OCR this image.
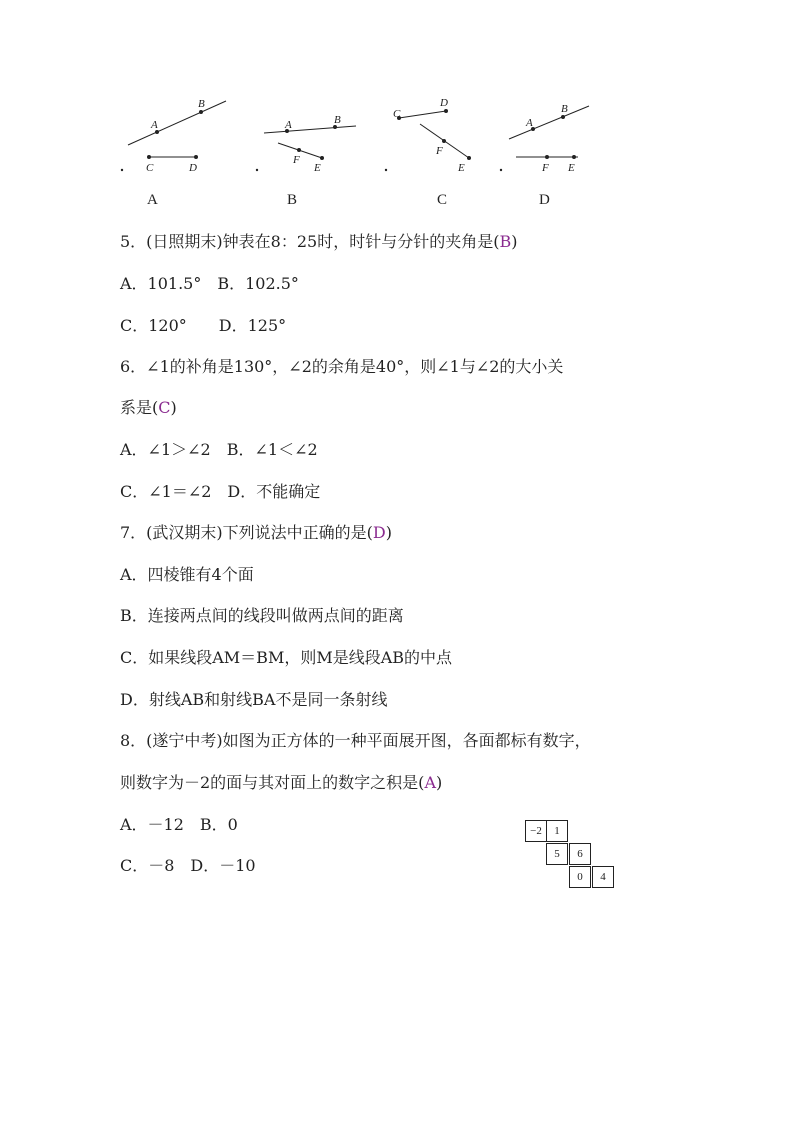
A
B
C	D
A	B
F
E
C
D
F
E
A
B
F E
A	B	C	D
5．(日照期末)钟表在8：25时，时针与分针的夹角是(B)
A．101.5°　B．102.5°
C．120°　　D．125°
6．∠1的补角是130°，∠2的余角是40°，则∠1与∠2的大小关
系是(C)
A．∠1＞∠2　B．∠1＜∠2
C．∠1＝∠2　D．不能确定
7．(武汉期末)下列说法中正确的是(D)
A．四棱锥有4个面
B．连接两点间的线段叫做两点间的距离
C．如果线段AM＝BM，则M是线段AB的中点
D．射线AB和射线BA不是同一条射线
8．(遂宁中考)如图为正方体的一种平面展开图，各面都标有数字，
则数字为－2的面与其对面上的数字之积是(A)
A．－12　B．0
C．－8　D．－10
−2	1
5	6
0	4
